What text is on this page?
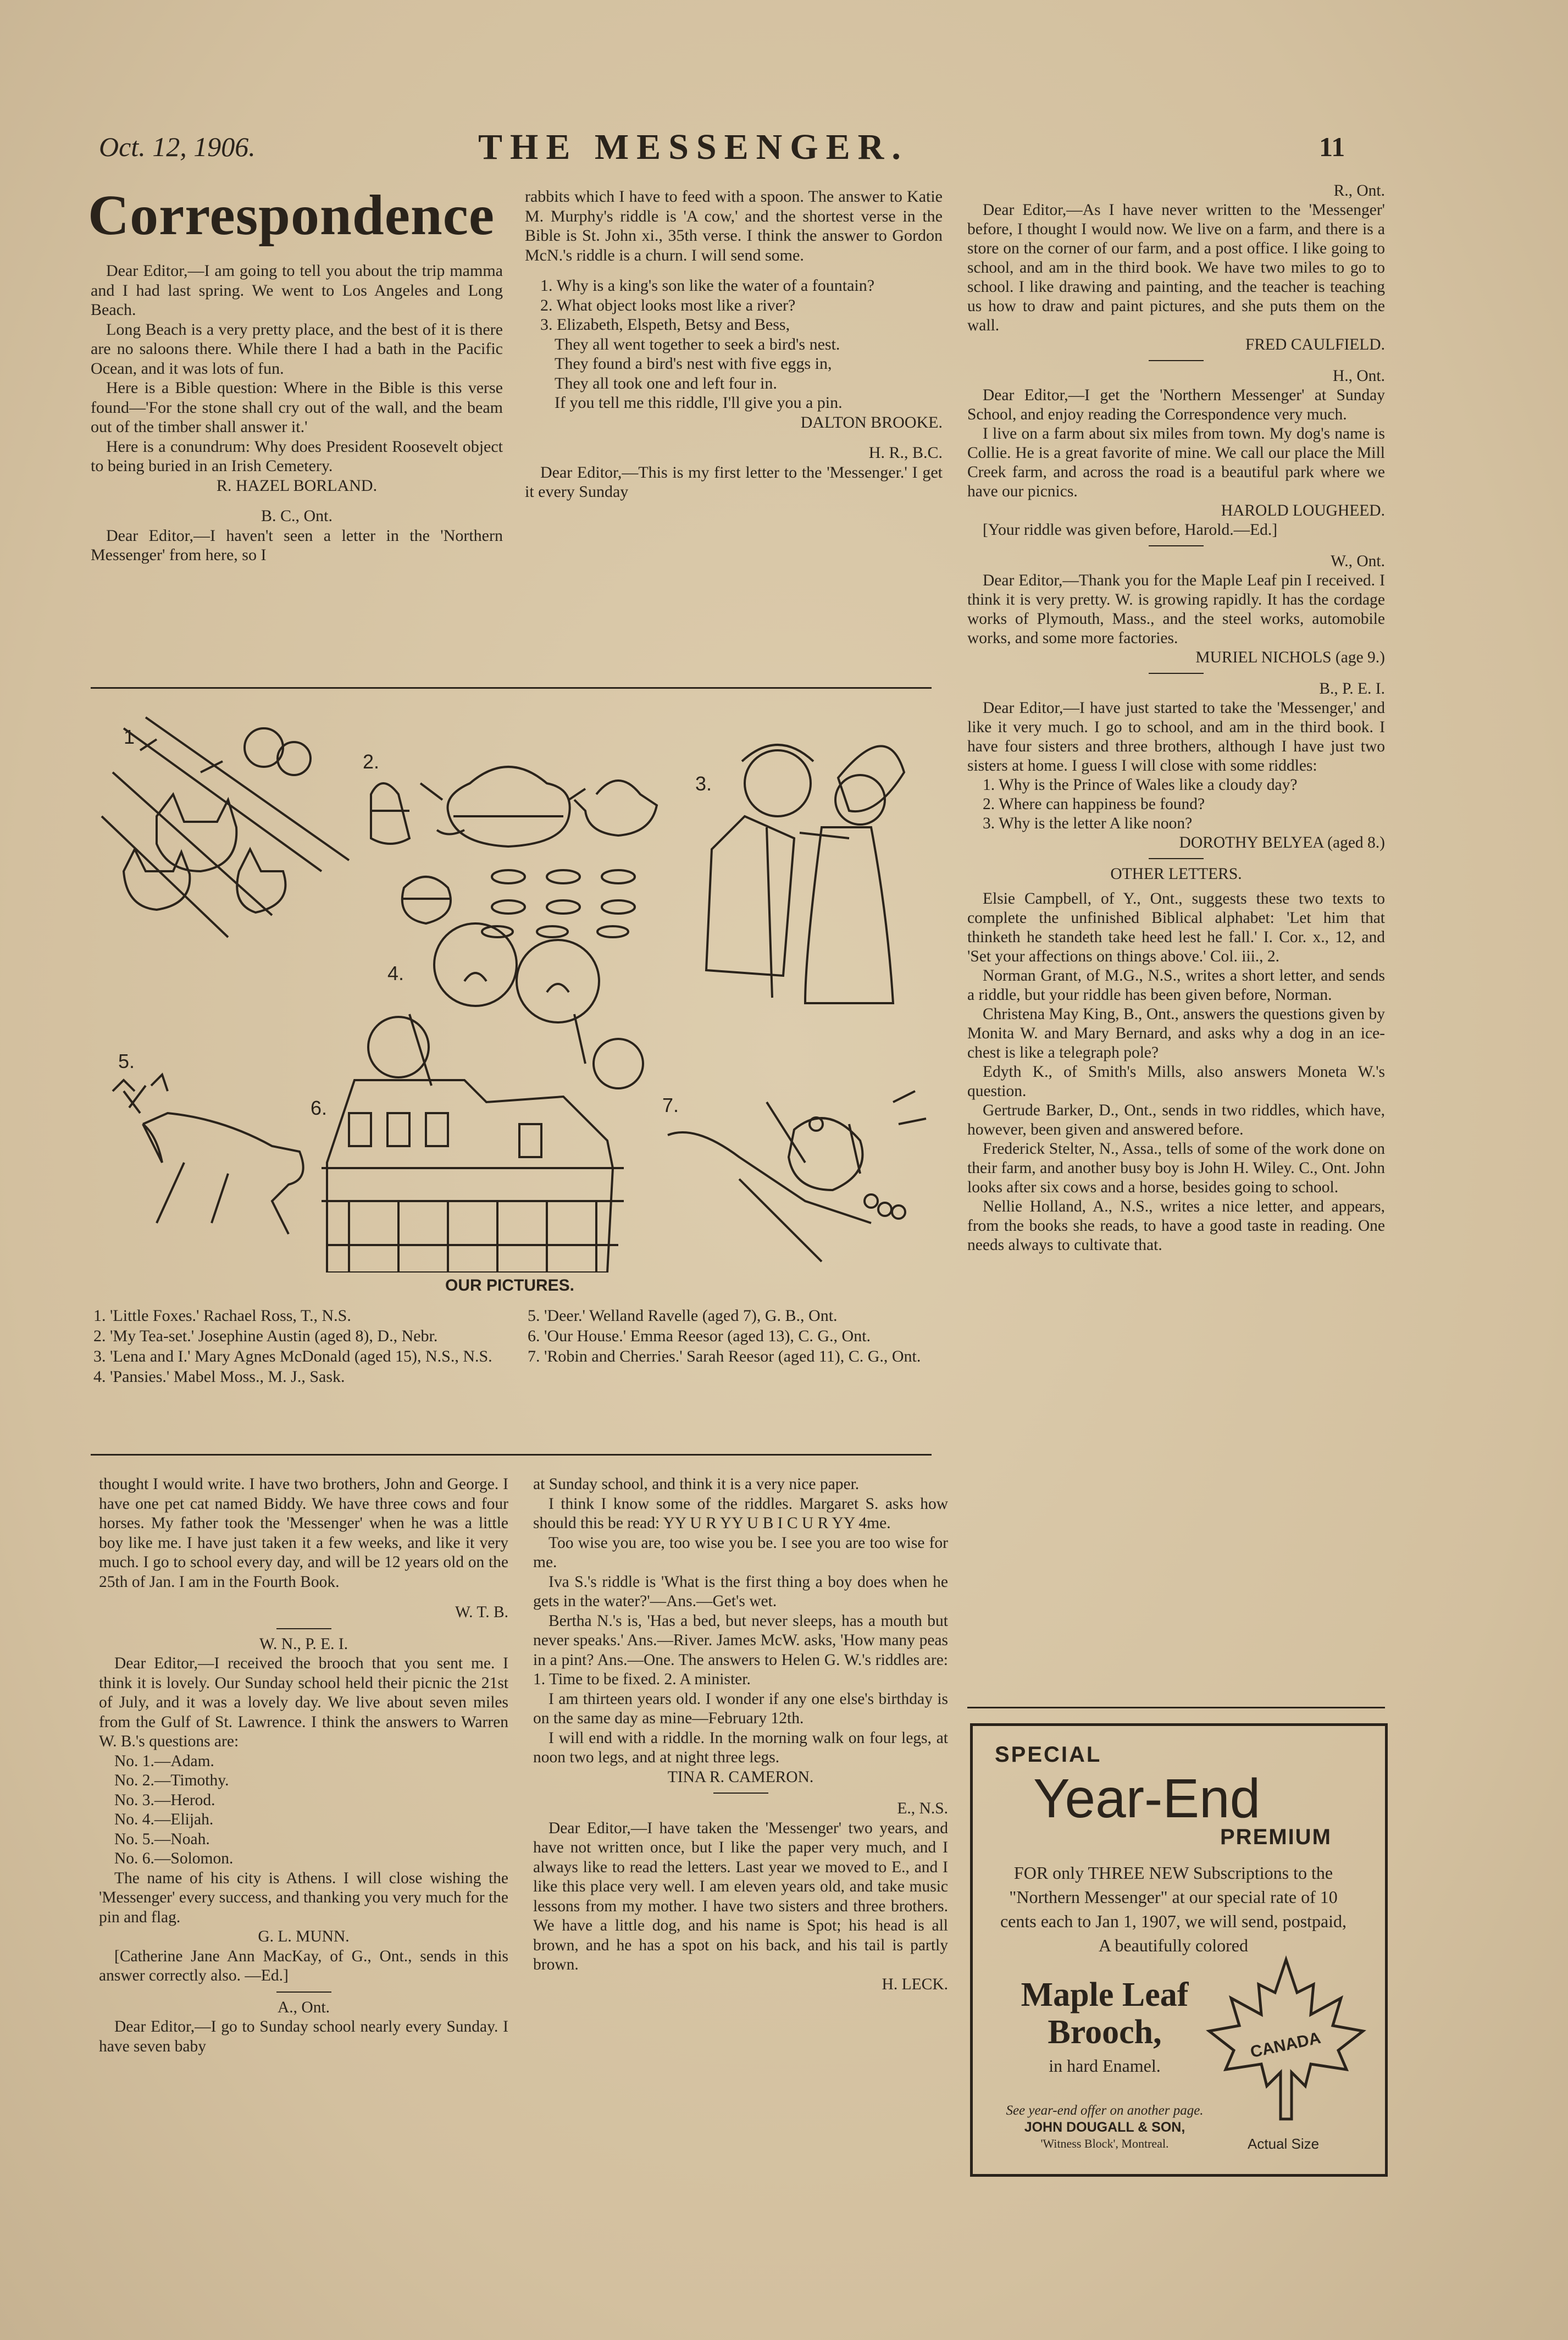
Oct. 12, 1906.	THE MESSENGER.	11
Correspondence

Dear Editor,—I am going to tell you about the trip mamma and I had last spring. We went to Los Angeles and Long Beach.

Long Beach is a very pretty place, and the best of it is there are no saloons there. While there I had a bath in the Pacific Ocean, and it was lots of fun.

Here is a Bible question: Where in the Bible is this verse found—'For the stone shall cry out of the wall, and the beam out of the timber shall answer it.'

Here is a conundrum: Why does President Roosevelt object to being buried in an Irish Cemetery.

R. HAZEL BORLAND.

B. C., Ont.

Dear Editor,—I haven't seen a letter in the 'Northern Messenger' from here, so I

rabbits which I have to feed with a spoon. The answer to Katie M. Murphy's riddle is 'A cow,' and the shortest verse in the Bible is St. John xi., 35th verse. I think the answer to Gordon McN.'s riddle is a churn. I will send some.

1. Why is a king's son like the water of a fountain?

2. What object looks most like a river?

3. Elizabeth, Elspeth, Betsy and Bess,

They all went together to seek a bird's nest.

They found a bird's nest with five eggs in,

They all took one and left four in.

If you tell me this riddle, I'll give you a pin.

DALTON BROOKE.

H. R., B.C.

Dear Editor,—This is my first letter to the 'Messenger.' I get it every Sunday

R., Ont.

Dear Editor,—As I have never written to the 'Messenger' before, I thought I would now. We live on a farm, and there is a store on the corner of our farm, and a post office. I like going to school, and am in the third book. We have two miles to go to school. I like drawing and painting, and the teacher is teaching us how to draw and paint pictures, and she puts them on the wall.

FRED CAULFIELD.

H., Ont.

Dear Editor,—I get the 'Northern Messenger' at Sunday School, and enjoy reading the Correspondence very much.

I live on a farm about six miles from town. My dog's name is Collie. He is a great favorite of mine. We call our place the Mill Creek farm, and across the road is a beautiful park where we have our picnics.

HAROLD LOUGHEED.

[Your riddle was given before, Harold.—Ed.]

W., Ont.

Dear Editor,—Thank you for the Maple Leaf pin I received. I think it is very pretty. W. is growing rapidly. It has the cordage works of Plymouth, Mass., and the steel works, automobile works, and some more factories.

MURIEL NICHOLS (age 9.)

B., P. E. I.

Dear Editor,—I have just started to take the 'Messenger,' and like it very much. I go to school, and am in the third book. I have four sisters and three brothers, although I have just two sisters at home. I guess I will close with some riddles:

1. Why is the Prince of Wales like a cloudy day?

2. Where can happiness be found?

3. Why is the letter A like noon?

DOROTHY BELYEA (aged 8.)

OTHER LETTERS.

Elsie Campbell, of Y., Ont., suggests these two texts to complete the unfinished Biblical alphabet: 'Let him that thinketh he standeth take heed lest he fall.' I. Cor. x., 12, and 'Set your affections on things above.' Col. iii., 2.

Norman Grant, of M.G., N.S., writes a short letter, and sends a riddle, but your riddle has been given before, Norman.

Christena May King, B., Ont., answers the questions given by Monita W. and Mary Bernard, and asks why a dog in an ice-chest is like a telegraph pole?

Edyth K., of Smith's Mills, also answers Moneta W.'s question.

Gertrude Barker, D., Ont., sends in two riddles, which have, however, been given and answered before.

Frederick Stelter, N., Assa., tells of some of the work done on their farm, and another busy boy is John H. Wiley. C., Ont. John looks after six cows and a horse, besides going to school.

Nellie Holland, A., N.S., writes a nice letter, and appears, from the books she reads, to have a good taste in reading. One needs always to cultivate that.

1
2.
3.
4.
5.
6.	7.
OUR PICTURES.
1. 'Little Foxes.' Rachael Ross, T., N.S.
2. 'My Tea-set.' Josephine Austin (aged 8), D., Nebr.
3. 'Lena and I.' Mary Agnes McDonald (aged 15), N.S., N.S.
4. 'Pansies.' Mabel Moss., M. J., Sask.
5. 'Deer.' Welland Ravelle (aged 7), G. B., Ont.
6. 'Our House.' Emma Reesor (aged 13), C. G., Ont.
7. 'Robin and Cherries.' Sarah Reesor (aged 11), C. G., Ont.

thought I would write. I have two brothers, John and George. I have one pet cat named Biddy. We have three cows and four horses. My father took the 'Messenger' when he was a little boy like me. I have just taken it a few weeks, and like it very much. I go to school every day, and will be 12 years old on the 25th of Jan. I am in the Fourth Book.

W. T. B.

W. N., P. E. I.

Dear Editor,—I received the brooch that you sent me. I think it is lovely. Our Sunday school held their picnic the 21st of July, and it was a lovely day. We live about seven miles from the Gulf of St. Lawrence. I think the answers to Warren W. B.'s questions are:

No. 1.—Adam.

No. 2.—Timothy.

No. 3.—Herod.

No. 4.—Elijah.

No. 5.—Noah.

No. 6.—Solomon.

The name of his city is Athens. I will close wishing the 'Messenger' every success, and thanking you very much for the pin and flag.

G. L. MUNN.

[Catherine Jane Ann MacKay, of G., Ont., sends in this answer correctly also. —Ed.]

A., Ont.

Dear Editor,—I go to Sunday school nearly every Sunday. I have seven baby

at Sunday school, and think it is a very nice paper.

I think I know some of the riddles. Margaret S. asks how should this be read: YY U R YY U B I C U R YY 4me.

Too wise you are, too wise you be. I see you are too wise for me.

Iva S.'s riddle is 'What is the first thing a boy does when he gets in the water?'—Ans.—Get's wet.

Bertha N.'s is, 'Has a bed, but never sleeps, has a mouth but never speaks.' Ans.—River. James McW. asks, 'How many peas in a pint? Ans.—One. The answers to Helen G. W.'s riddles are: 1. Time to be fixed. 2. A minister.

I am thirteen years old. I wonder if any one else's birthday is on the same day as mine—February 12th.

I will end with a riddle. In the morning walk on four legs, at noon two legs, and at night three legs.

TINA R. CAMERON.

E., N.S.

Dear Editor,—I have taken the 'Messenger' two years, and have not written once, but I like the paper very much, and I always like to read the letters. Last year we moved to E., and I like this place very well. I am eleven years old, and take music lessons from my mother. I have two sisters and three brothers. We have a little dog, and his name is Spot; his head is all brown, and he has a spot on his back, and his tail is partly brown.

H. LECK.

SPECIAL
Year-End
PREMIUM
FOR only THREE NEW Subscriptions to the "Northern Messenger" at our special rate of 10 cents each to Jan 1, 1907, we will send, postpaid, A beautifully colored
Maple Leaf Brooch,
in hard Enamel.
See year-end offer on another page.
JOHN DOUGALL & SON,
'Witness Block', Montreal.
CANADA
Actual Size
